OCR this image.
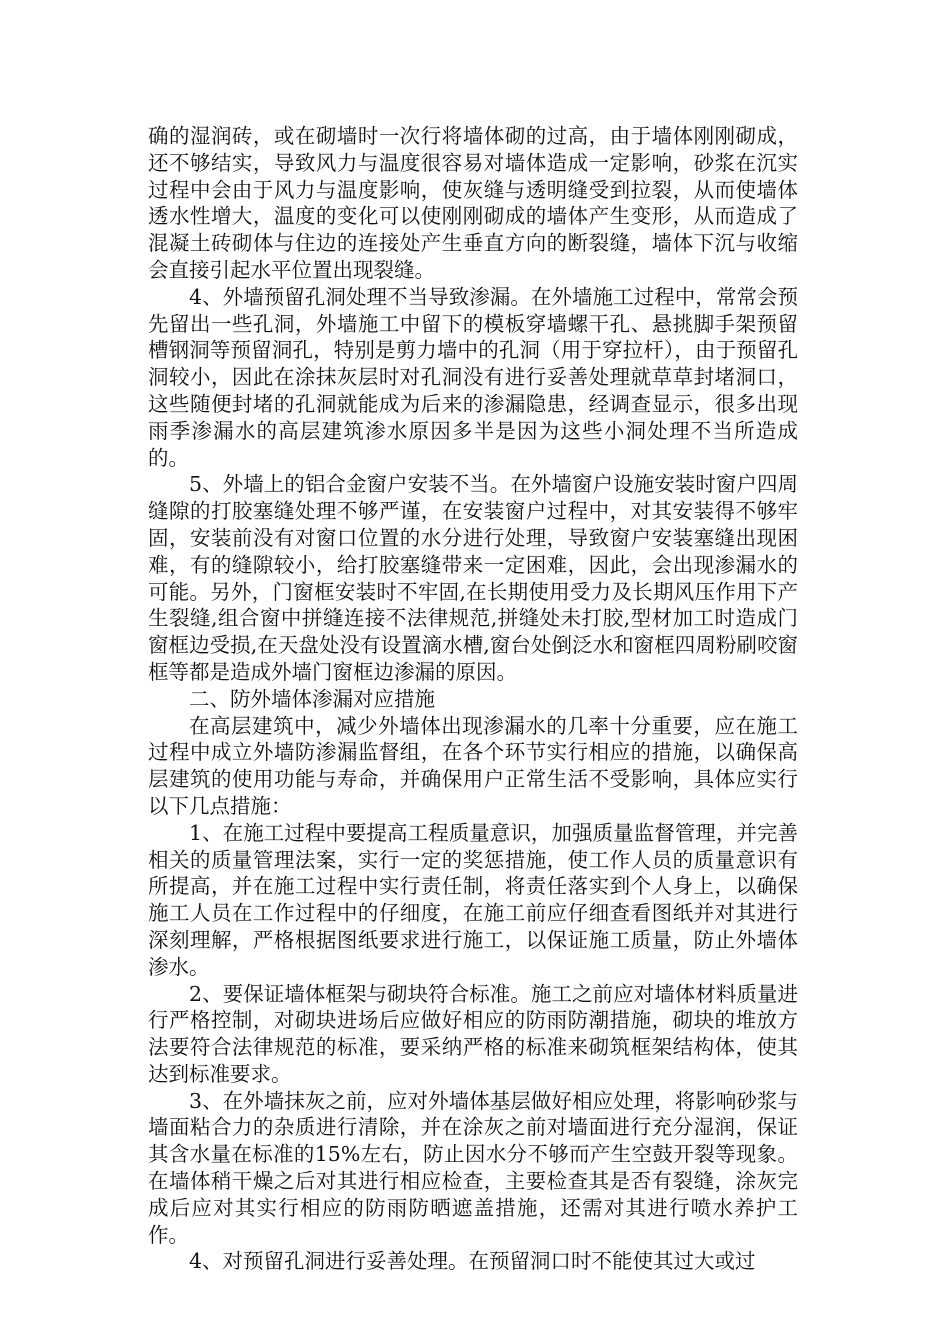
确的湿润砖，或在砌墙时一次行将墙体砌的过高，由于墙体刚刚砌成，还不够结实，导致风力与温度很容易对墙体造成一定影响，砂浆在沉实过程中会由于风力与温度影响，使灰缝与透明缝受到拉裂，从而使墙体透水性增大，温度的变化可以使刚刚砌成的墙体产生变形，从而造成了混凝土砖砌体与住边的连接处产生垂直方向的断裂缝，墙体下沉与收缩会直接引起水平位置出现裂缝。

4、外墙预留孔洞处理不当导致渗漏。在外墙施工过程中，常常会预先留出一些孔洞，外墙施工中留下的模板穿墙螺干孔、悬挑脚手架预留槽钢洞等预留洞孔，特别是剪力墙中的孔洞（用于穿拉杆），由于预留孔洞较小，因此在涂抹灰层时对孔洞没有进行妥善处理就草草封堵洞口，这些随便封堵的孔洞就能成为后来的渗漏隐患，经调查显示，很多出现雨季渗漏水的高层建筑渗水原因多半是因为这些小洞处理不当所造成的。

5、外墙上的铝合金窗户安装不当。在外墙窗户设施安装时窗户四周缝隙的打胶塞缝处理不够严谨，在安装窗户过程中，对其安装得不够牢固，安装前没有对窗口位置的水分进行处理，导致窗户安装塞缝出现困难，有的缝隙较小，给打胶塞缝带来一定困难，因此，会出现渗漏水的可能。另外，门窗框安装时不牢固,在长期使用受力及长期风压作用下产生裂缝,组合窗中拼缝连接不法律规范,拼缝处未打胶,型材加工时造成门窗框边受损,在天盘处没有设置滴水槽,窗台处倒泛水和窗框四周粉刷咬窗框等都是造成外墙门窗框边渗漏的原因。

二、防外墙体渗漏对应措施

在高层建筑中，减少外墙体出现渗漏水的几率十分重要，应在施工过程中成立外墙防渗漏监督组，在各个环节实行相应的措施，以确保高层建筑的使用功能与寿命，并确保用户正常生活不受影响，具体应实行以下几点措施：

1、在施工过程中要提高工程质量意识，加强质量监督管理，并完善相关的质量管理法案，实行一定的奖惩措施，使工作人员的质量意识有所提高，并在施工过程中实行责任制，将责任落实到个人身上，以确保施工人员在工作过程中的仔细度，在施工前应仔细查看图纸并对其进行深刻理解，严格根据图纸要求进行施工，以保证施工质量，防止外墙体渗水。

2、要保证墙体框架与砌块符合标准。施工之前应对墙体材料质量进行严格控制，对砌块进场后应做好相应的防雨防潮措施，砌块的堆放方法要符合法律规范的标准，要采纳严格的标准来砌筑框架结构体，使其达到标准要求。

3、在外墙抹灰之前，应对外墙体基层做好相应处理，将影响砂浆与墙面粘合力的杂质进行清除，并在涂灰之前对墙面进行充分湿润，保证其含水量在标准的15%左右，防止因水分不够而产生空鼓开裂等现象。在墙体稍干燥之后对其进行相应检查，主要检查其是否有裂缝，涂灰完成后应对其实行相应的防雨防晒遮盖措施，还需对其进行喷水养护工作。

4、对预留孔洞进行妥善处理。在预留洞口时不能使其过大或过
